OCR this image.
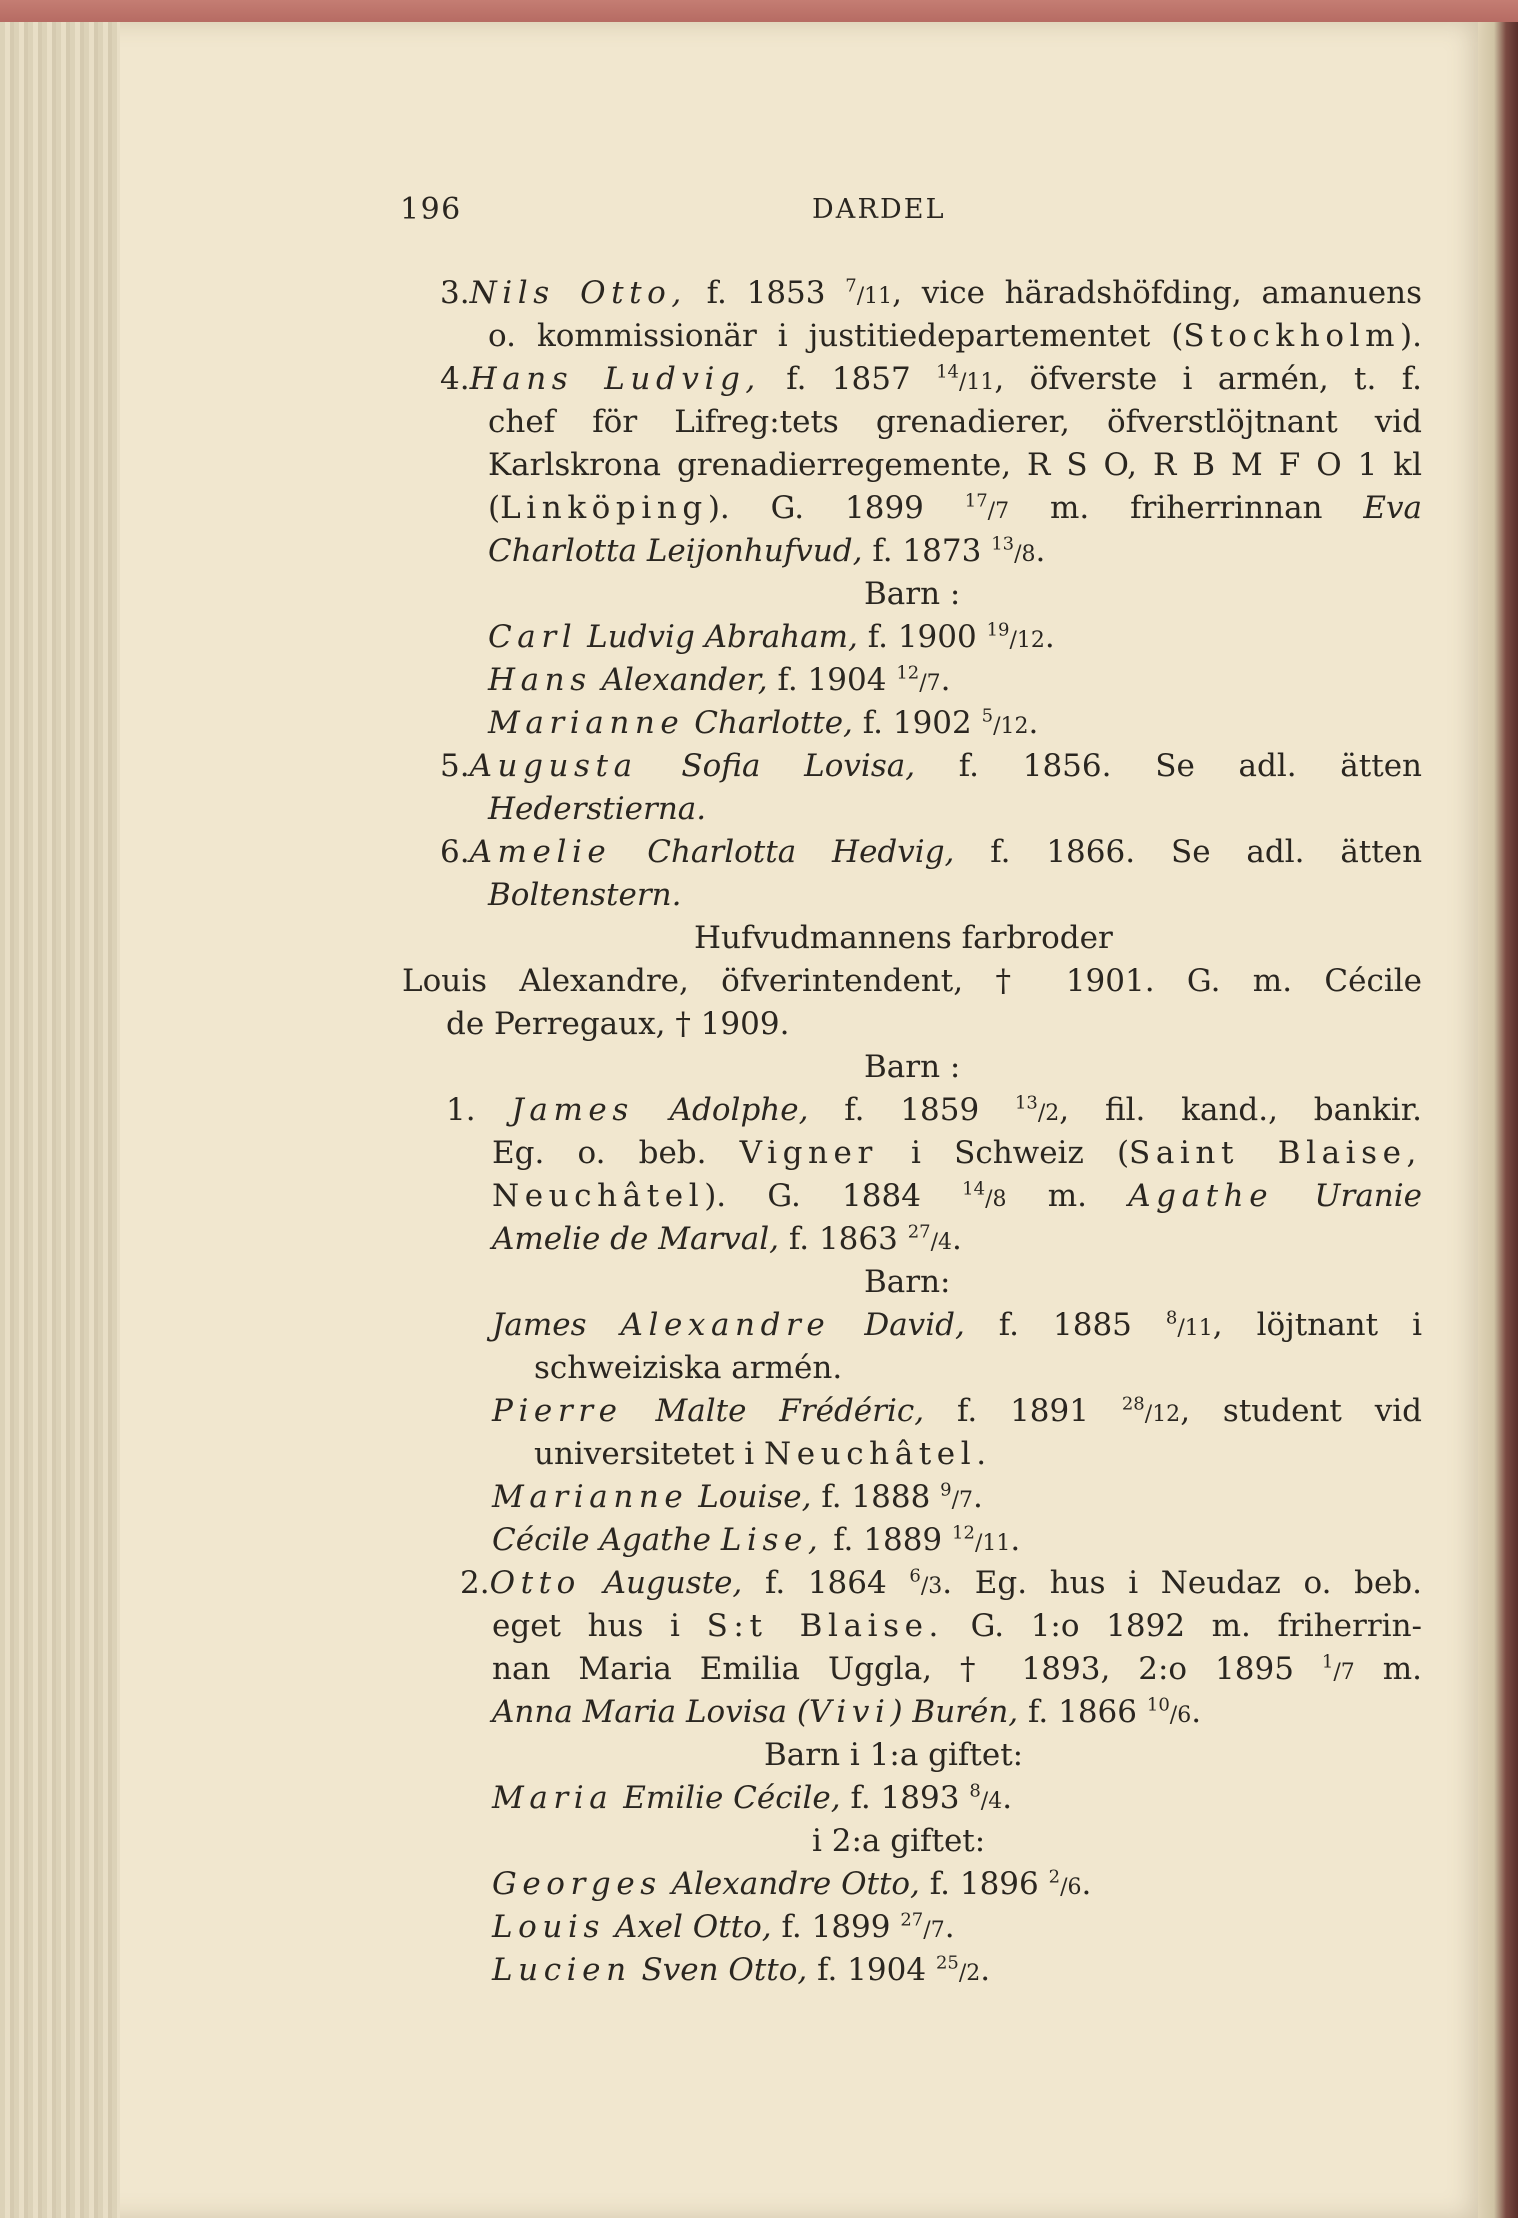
196	DARDEL
3.Nils Otto, f. 1853 $^7$/11, vice häradshöfding, amanuens
o. kommissionär i justitiedepartementet (Stockholm).
4.Hans Ludvig, f. 1857 $^{14}$/11, öfverste i armén, t. f.
chef för Lifreg:tets grenadierer, öfverstlöjtnant vid
Karlskrona grenadierregemente, R S O, R B M F O 1 kl
(Linköping). G. 1899 $^{17}$/7 m. friherrinnan Eva
Charlotta Leijonhufvud, f. 1873 $^{13}$/8.
Barn :
Carl Ludvig Abraham, f. 1900 $^{19}$/12.
Hans Alexander, f. 1904 $^{12}$/7.
Marianne Charlotte, f. 1902 $^5$/12.
5.Augusta Sofia Lovisa, f. 1856. Se adl. ätten
Hederstierna.
6.Amelie Charlotta Hedvig, f. 1866. Se adl. ätten
Boltenstern.
Hufvudmannens farbroder
Louis Alexandre, öfverintendent, † 1901. G. m. Cécile
de Perregaux, † 1909.
Barn :
1. James Adolphe, f. 1859 $^{13}$/2, fil. kand., bankir.
Eg. o. beb. Vigner i Schweiz (Saint Blaise,
Neuchâtel). G. 1884 $^{14}$/8 m. Agathe Uranie
Amelie de Marval, f. 1863 $^{27}$/4.
Barn:
James Alexandre David, f. 1885 $^8$/11, löjtnant i
schweiziska armén.
Pierre Malte Frédéric, f. 1891 $^{28}$/12, student vid
universitetet i Neuchâtel.
Marianne Louise, f. 1888 $^9$/7.
Cécile Agathe Lise, f. 1889 $^{12}$/11.
2.Otto Auguste, f. 1864 $^6$/3. Eg. hus i Neudaz o. beb.
eget hus i S:t Blaise. G. 1:o 1892 m. friherrin-
nan Maria Emilia Uggla, † 1893, 2:o 1895 $^1$/7 m.
Anna Maria Lovisa (Vivi) Burén, f. 1866 $^{10}$/6.
Barn i 1:a giftet:
Maria Emilie Cécile, f. 1893 $^8$/4.
i 2:a giftet:
Georges Alexandre Otto, f. 1896 $^2$/6.
Louis Axel Otto, f. 1899 $^{27}$/7.
Lucien Sven Otto, f. 1904 $^{25}$/2.
